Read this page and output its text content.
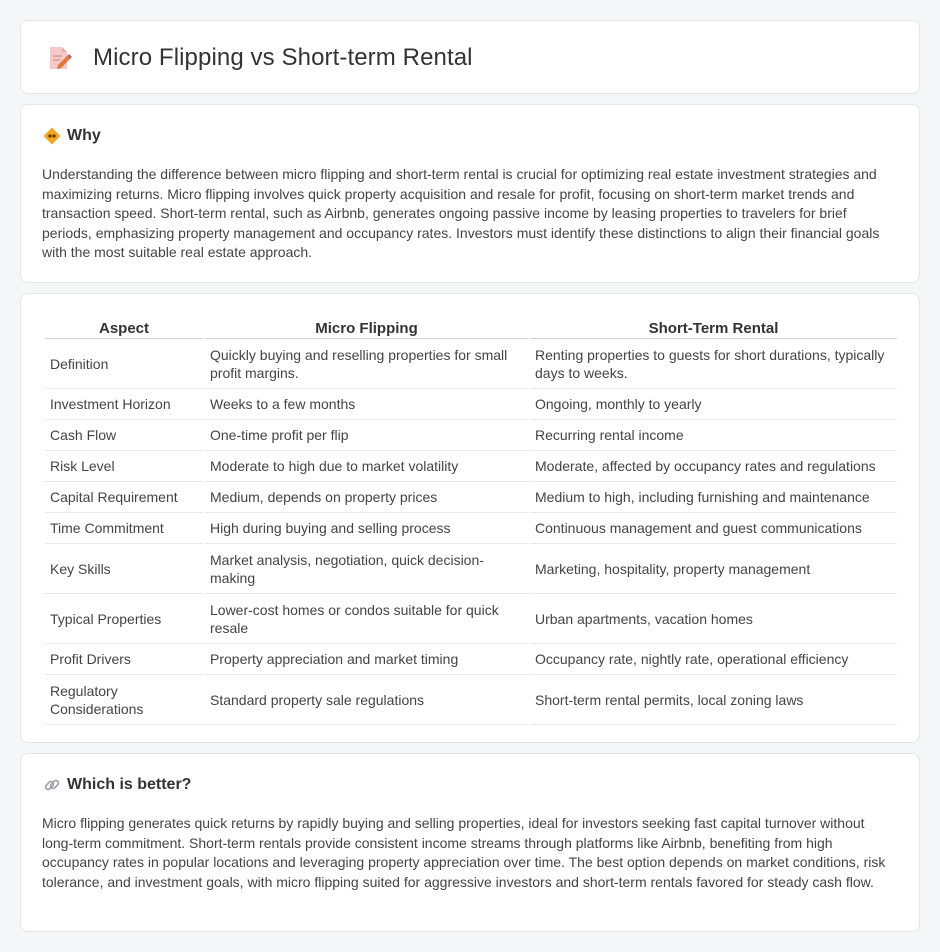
Micro Flipping vs Short-term Rental
Why

Understanding the difference between micro flipping and short-term rental is crucial for optimizing real estate investment strategies and maximizing returns. Micro flipping involves quick property acquisition and resale for profit, focusing on short-term market trends and transaction speed. Short-term rental, such as Airbnb, generates ongoing passive income by leasing properties to travelers for brief periods, emphasizing property management and occupancy rates. Investors must identify these distinctions to align their financial goals with the most suitable real estate approach.

Aspect	Micro Flipping	Short-Term Rental
Definition	Quickly buying and reselling properties for small profit margins.	Renting properties to guests for short durations, typically days to weeks.
Investment Horizon	Weeks to a few months	Ongoing, monthly to yearly
Cash Flow	One-time profit per flip	Recurring rental income
Risk Level	Moderate to high due to market volatility	Moderate, affected by occupancy rates and regulations
Capital Requirement	Medium, depends on property prices	Medium to high, including furnishing and maintenance
Time Commitment	High during buying and selling process	Continuous management and guest communications
Key Skills	Market analysis, negotiation, quick decision-making	Marketing, hospitality, property management
Typical Properties	Lower-cost homes or condos suitable for quick resale	Urban apartments, vacation homes
Profit Drivers	Property appreciation and market timing	Occupancy rate, nightly rate, operational efficiency
Regulatory Considerations	Standard property sale regulations	Short-term rental permits, local zoning laws
Which is better?

Micro flipping generates quick returns by rapidly buying and selling properties, ideal for investors seeking fast capital turnover without long-term commitment. Short-term rentals provide consistent income streams through platforms like Airbnb, benefiting from high occupancy rates in popular locations and leveraging property appreciation over time. The best option depends on market conditions, risk tolerance, and investment goals, with micro flipping suited for aggressive investors and short-term rentals favored for steady cash flow.
